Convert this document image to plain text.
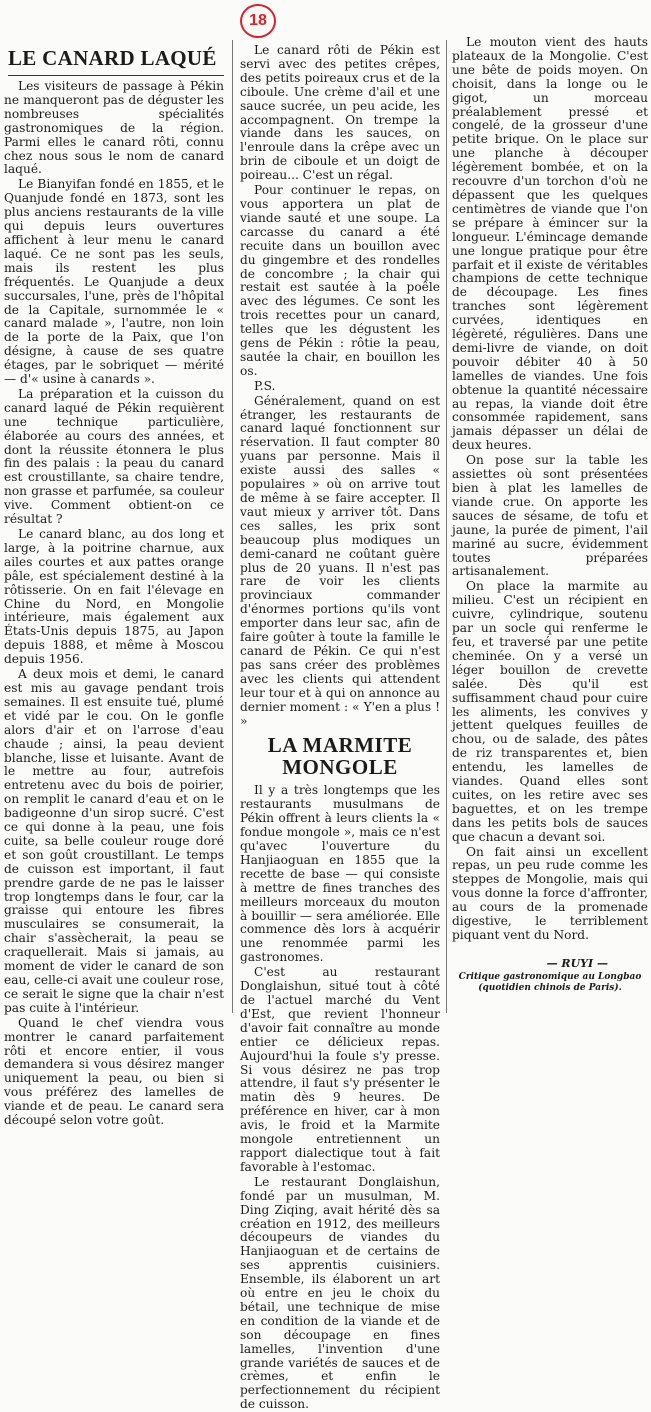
18
LE CANARD LAQUÉ

Les visiteurs de passage à Pékin ne manqueront pas de déguster les nombreuses spécialités gastronomiques de la région. Parmi elles le canard rôti, connu chez nous sous le nom de canard laqué.

Le Bianyifan fondé en 1855, et le Quanjude fondé en 1873, sont les plus anciens restaurants de la ville qui depuis leurs ouvertures affichent à leur menu le canard laqué. Ce ne sont pas les seuls, mais ils restent les plus fréquentés. Le Quanjude a deux succursales, l'une, près de l'hôpital de la Capitale, surnommée le « canard malade », l'autre, non loin de la porte de la Paix, que l'on désigne, à cause de ses quatre étages, par le sobriquet — mérité — d'« usine à canards ».

La préparation et la cuisson du canard laqué de Pékin requièrent une technique particulière, élaborée au cours des années, et dont la réussite étonnera le plus fin des palais : la peau du canard est croustillante, sa chaire tendre, non grasse et parfumée, sa couleur vive. Comment obtient-on ce résultat ?

Le canard blanc, au dos long et large, à la poitrine charnue, aux ailes courtes et aux pattes orange pâle, est spécialement destiné à la rôtisserie. On en fait l'élevage en Chine du Nord, en Mongolie intérieure, mais également aux États-Unis depuis 1875, au Japon depuis 1888, et même à Moscou depuis 1956.

A deux mois et demi, le canard est mis au gavage pendant trois semaines. Il est ensuite tué, plumé et vidé par le cou. On le gonfle alors d'air et on l'arrose d'eau chaude ; ainsi, la peau devient blanche, lisse et luisante. Avant de le mettre au four, autrefois entretenu avec du bois de poirier, on remplit le canard d'eau et on le badigeonne d'un sirop sucré. C'est ce qui donne à la peau, une fois cuite, sa belle couleur rouge doré et son goût croustillant. Le temps de cuisson est important, il faut prendre garde de ne pas le laisser trop longtemps dans le four, car la graisse qui entoure les fibres musculaires se consumerait, la chair s'assècherait, la peau se craquellerait. Mais si jamais, au moment de vider le canard de son eau, celle-ci avait une couleur rose, ce serait le signe que la chair n'est pas cuite à l'intérieur.

Quand le chef viendra vous montrer le canard parfaitement rôti et encore entier, il vous demandera si vous désirez manger uniquement la peau, ou bien si vous préférez des lamelles de viande et de peau. Le canard sera découpé selon votre goût.

Le canard rôti de Pékin est servi avec des petites crêpes, des petits poireaux crus et de la ciboule. Une crème d'ail et une sauce sucrée, un peu acide, les accompagnent. On trempe la viande dans les sauces, on l'enroule dans la crêpe avec un brin de ciboule et un doigt de poireau... C'est un régal.

Pour continuer le repas, on vous apportera un plat de viande sauté et une soupe. La carcasse du canard a été recuite dans un bouillon avec du gingembre et des rondelles de concombre ; la chair qui restait est sautée à la poêle avec des légumes. Ce sont les trois recettes pour un canard, telles que les dégustent les gens de Pékin : rôtie la peau, sautée la chair, en bouillon les os.

P.S.

Généralement, quand on est étranger, les restaurants de canard laqué fonctionnent sur réservation. Il faut compter 80 yuans par personne. Mais il existe aussi des salles « populaires » où on arrive tout de même à se faire accepter. Il vaut mieux y arriver tôt. Dans ces salles, les prix sont beaucoup plus modiques un demi-canard ne coûtant guère plus de 20 yuans. Il n'est pas rare de voir les clients provinciaux commander d'énormes portions qu'ils vont emporter dans leur sac, afin de faire goûter à toute la famille le canard de Pékin. Ce qui n'est pas sans créer des problèmes avec les clients qui attendent leur tour et à qui on annonce au dernier moment : « Y'en a plus ! »

LA MARMITE
MONGOLE

Il y a très longtemps que les restaurants musulmans de Pékin offrent à leurs clients la « fondue mongole », mais ce n'est qu'avec l'ouverture du Hanjiaoguan en 1855 que la recette de base — qui consiste à mettre de fines tranches des meilleurs morceaux du mouton à bouillir — sera améliorée. Elle commence dès lors à acquérir une renommée parmi les gastronomes.

C'est au restaurant Donglaishun, situé tout à côté de l'actuel marché du Vent d'Est, que revient l'honneur d'avoir fait connaître au monde entier ce délicieux repas. Aujourd'hui la foule s'y presse. Si vous désirez ne pas trop attendre, il faut s'y présenter le matin dès 9 heures. De préférence en hiver, car à mon avis, le froid et la Marmite mongole entretiennent un rapport dialectique tout à fait favorable à l'estomac.

Le restaurant Donglaishun, fondé par un musulman, M. Ding Ziqing, avait hérité dès sa création en 1912, des meilleurs découpeurs de viandes du Hanjiaoguan et de certains de ses apprentis cuisiniers. Ensemble, ils élaborent un art où entre en jeu le choix du bétail, une technique de mise en condition de la viande et de son découpage en fines lamelles, l'invention d'une grande variétés de sauces et de crèmes, et enfin le perfectionnement du récipient de cuisson.

Le mouton vient des hauts plateaux de la Mongolie. C'est une bête de poids moyen. On choisit, dans la longe ou le gigot, un morceau préalablement pressé et congelé, de la grosseur d'une petite brique. On le place sur une planche à découper légèrement bombée, et on la recouvre d'un torchon d'où ne dépassent que les quelques centimètres de viande que l'on se prépare à émincer sur la longueur. L'émincage demande une longue pratique pour être parfait et il existe de véritables champions de cette technique de découpage. Les fines tranches sont légèrement curvées, identiques en légèreté, régulières. Dans une demi-livre de viande, on doit pouvoir débiter 40 à 50 lamelles de viandes. Une fois obtenue la quantité nécessaire au repas, la viande doit être consommée rapidement, sans jamais dépasser un délai de deux heures.

On pose sur la table les assiettes où sont présentées bien à plat les lamelles de viande crue. On apporte les sauces de sésame, de tofu et jaune, la purée de piment, l'ail mariné au sucre, évidemment toutes préparées artisanalement.

On place la marmite au milieu. C'est un récipient en cuivre, cylindrique, soutenu par un socle qui renferme le feu, et traversé par une petite cheminée. On y a versé un léger bouillon de crevette salée. Dès qu'il est suffisamment chaud pour cuire les aliments, les convives y jettent quelques feuilles de chou, ou de salade, des pâtes de riz transparentes et, bien entendu, les lamelles de viandes. Quand elles sont cuites, on les retire avec ses baguettes, et on les trempe dans les petits bols de sauces que chacun a devant soi.

On fait ainsi un excellent repas, un peu rude comme les steppes de Mongolie, mais qui vous donne la force d'affronter, au cours de la promenade digestive, le terriblement piquant vent du Nord.

— RUYI —
Critique gastronomique au Longbao
(quotidien chinois de Paris).
